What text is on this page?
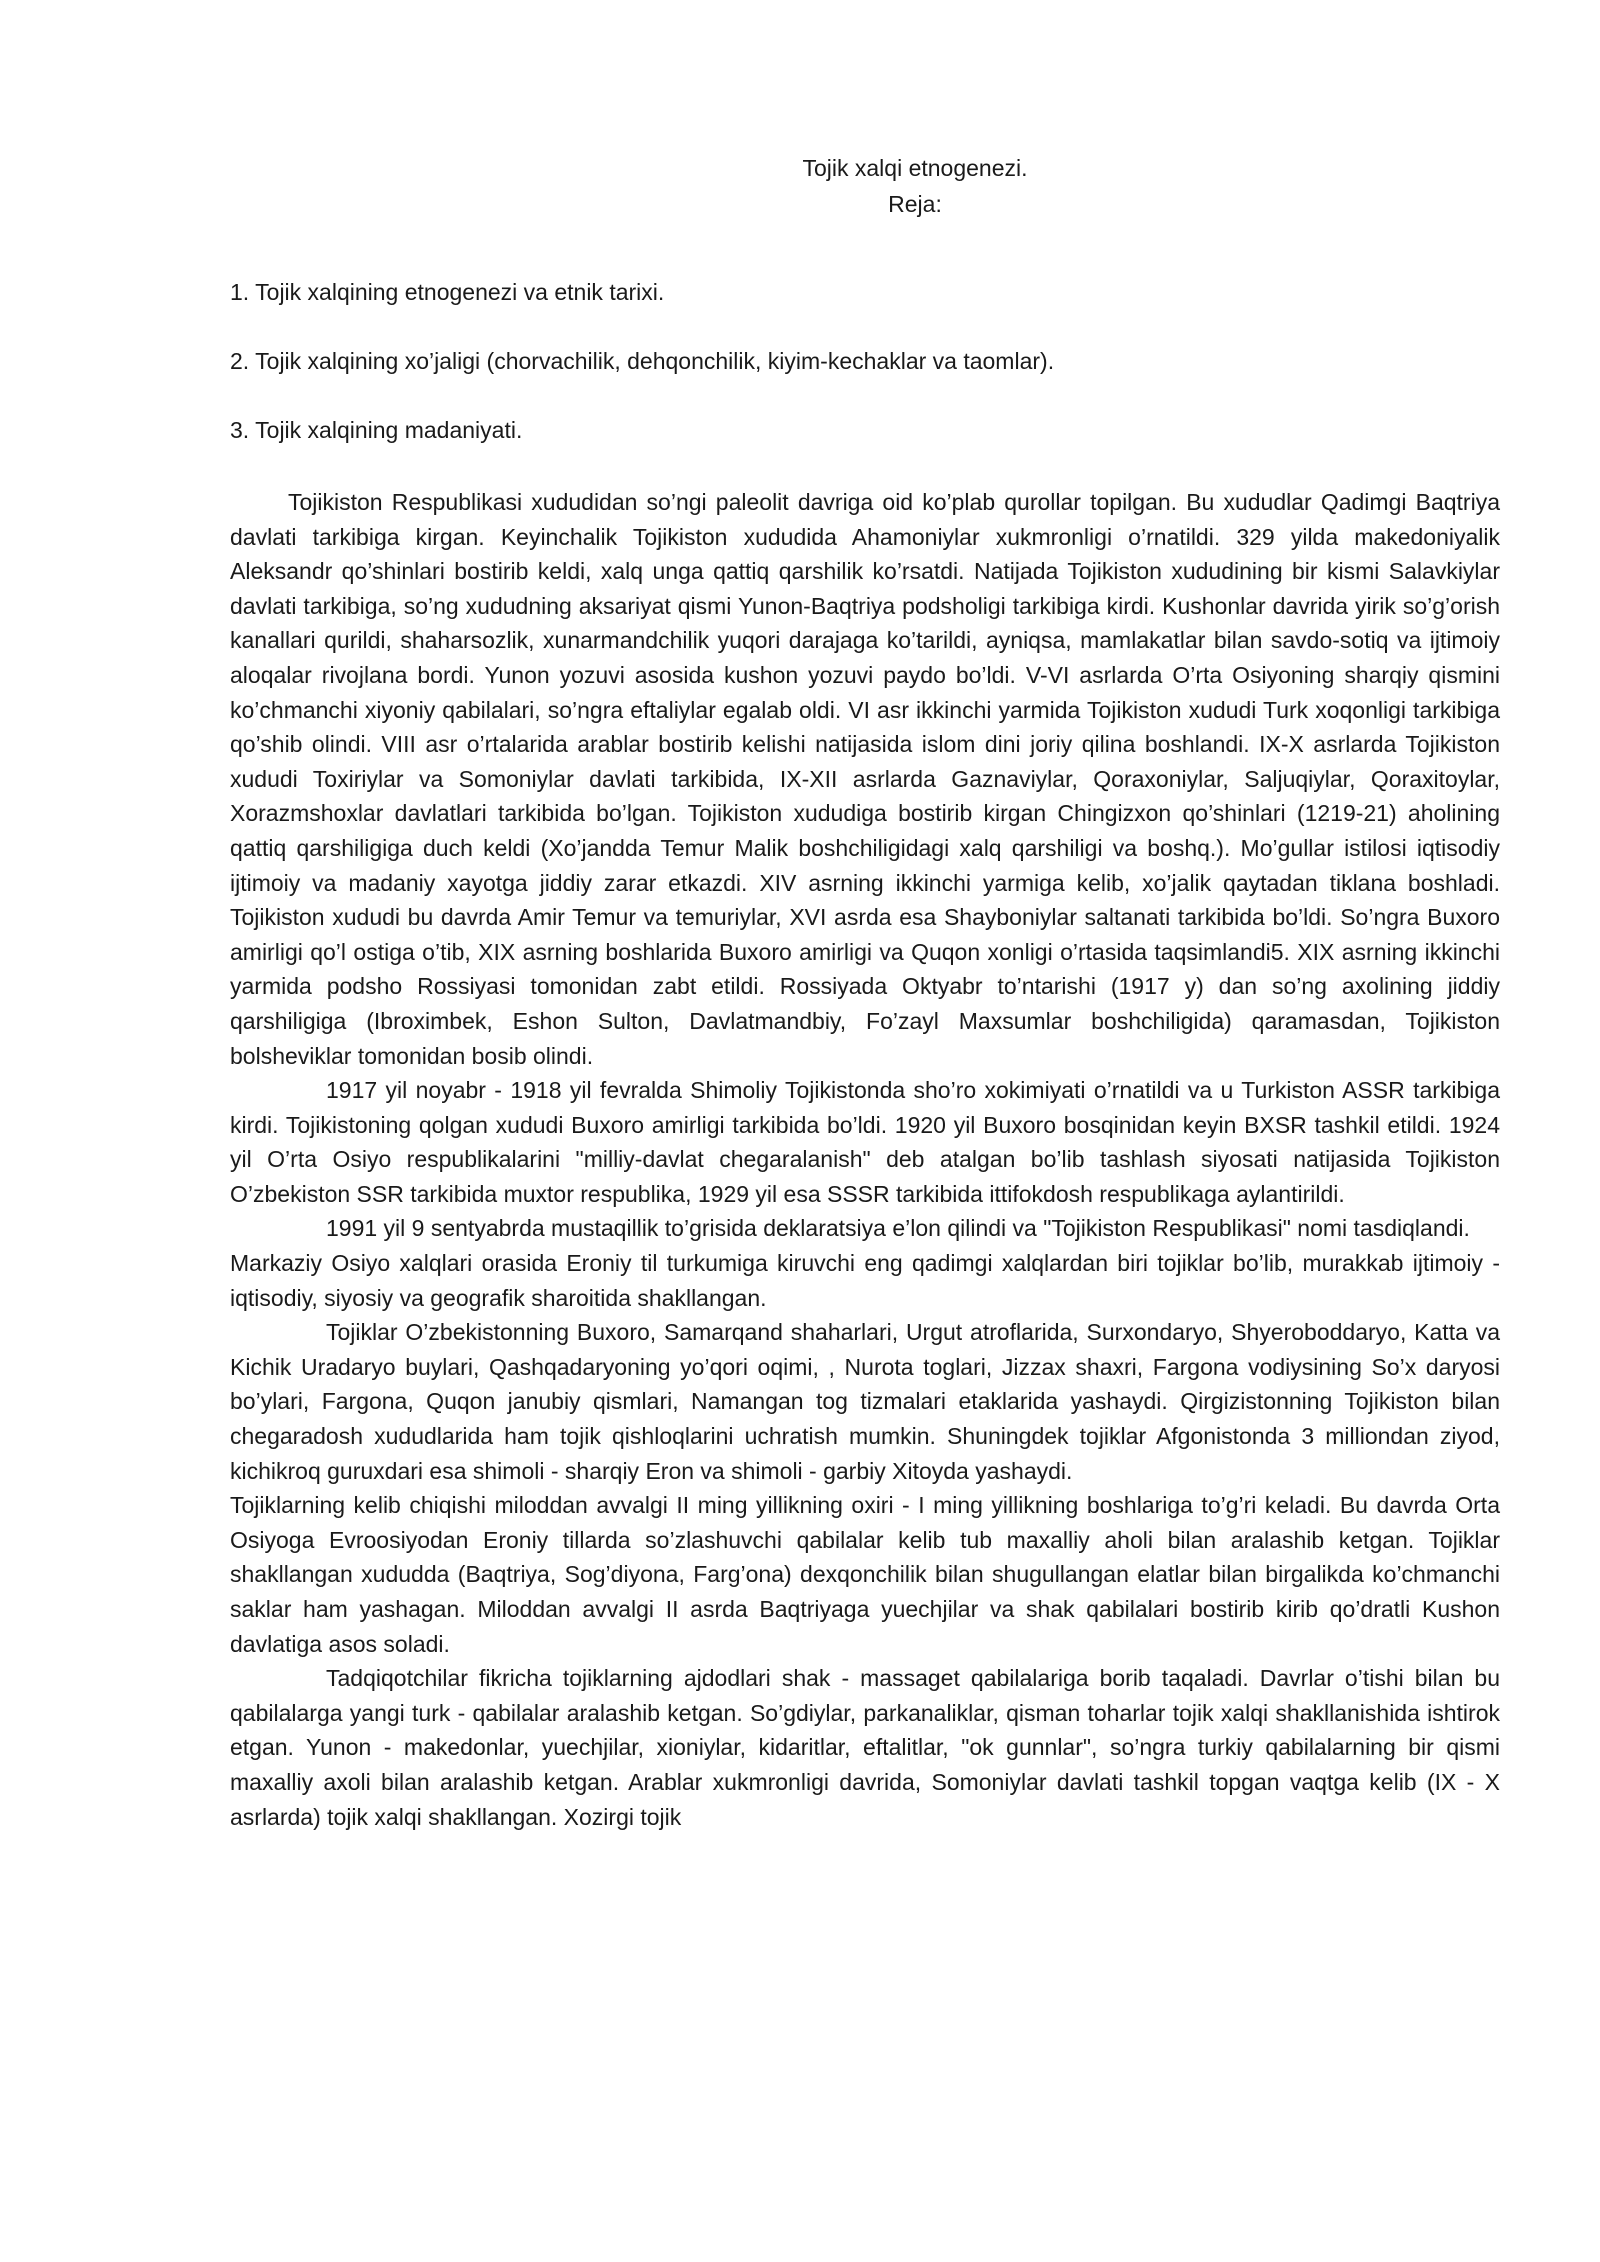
Tojik xalqi etnogenezi.
Reja:
1. Tojik xalqining etnogenezi va etnik tarixi.
2. Tojik xalqining xo’jaligi (chorvachilik, dehqonchilik, kiyim-kechaklar va taomlar).
3. Tojik xalqining madaniyati.

Tojikiston Respublikasi xududidan so’ngi paleolit davriga oid ko’plab qurollar topilgan. Bu xududlar Qadimgi Baqtriya davlati tarkibiga kirgan. Keyinchalik Tojikiston xududida Ahamoniylar xukmronligi o’rnatildi. 329 yilda makedoniyalik Aleksandr qo’shinlari bostirib keldi, xalq unga qattiq qarshilik ko’rsatdi. Natijada Tojikiston xududining bir kismi Salavkiylar davlati tarkibiga, so’ng xududning aksariyat qismi Yunon-Baqtriya podsholigi tarkibiga kirdi. Kushonlar davrida yirik so’g’orish kanallari qurildi, shaharsozlik, xunarmandchilik yuqori darajaga ko’tarildi, ayniqsa, mamlakatlar bilan savdo-sotiq va ijtimoiy aloqalar rivojlana bordi. Yunon yozuvi asosida kushon yozuvi paydo bo’ldi. V-VI asrlarda O’rta Osiyoning sharqiy qismini ko’chmanchi xiyoniy qabilalari, so’ngra eftaliylar egalab oldi. VI asr ikkinchi yarmida Tojikiston xududi Turk xoqonligi tarkibiga qo’shib olindi. VIII asr o’rtalarida arablar bostirib kelishi natijasida islom dini joriy qilina boshlandi. IX-X asrlarda Tojikiston xududi Toxiriylar va Somoniylar davlati tarkibida, IX-XII asrlarda Gaznaviylar, Qoraxoniylar, Saljuqiylar, Qoraxitoylar, Xorazmshoxlar davlatlari tarkibida bo’lgan. Tojikiston xududiga bostirib kirgan Chingizxon qo’shinlari (1219-21) aholining qattiq qarshiligiga duch keldi (Xo’jandda Temur Malik boshchiligidagi xalq qarshiligi va boshq.). Mo’gullar istilosi iqtisodiy ijtimoiy va madaniy xayotga jiddiy zarar etkazdi. XIV asrning ikkinchi yarmiga kelib, xo’jalik qaytadan tiklana boshladi. Tojikiston xududi bu davrda Amir Temur va temuriylar, XVI asrda esa Shayboniylar saltanati tarkibida bo’ldi. So’ngra Buxoro amirligi qo’l ostiga o’tib, XIX asrning boshlarida Buxoro amirligi va Quqon xonligi o’rtasida taqsimlandi5. XIX asrning ikkinchi yarmida podsho Rossiyasi tomonidan zabt etildi. Rossiyada Oktyabr to’ntarishi (1917 y) dan so’ng axolining jiddiy qarshiligiga (Ibroximbek, Eshon Sulton, Davlatmandbiy, Fo’zayl Maxsumlar boshchiligida) qaramasdan, Tojikiston bolsheviklar tomonidan bosib olindi.

1917 yil noyabr - 1918 yil fevralda Shimoliy Tojikistonda sho’ro xokimiyati o’rnatildi va u Turkiston ASSR tarkibiga kirdi. Tojikistoning qolgan xududi Buxoro amirligi tarkibida bo’ldi. 1920 yil Buxoro bosqinidan keyin BXSR tashkil etildi. 1924 yil O’rta Osiyo respublikalarini "milliy-davlat chegaralanish" deb atalgan bo’lib tashlash siyosati natijasida Tojikiston O’zbekiston SSR tarkibida muxtor respublika, 1929 yil esa SSSR tarkibida ittifokdosh respublikaga aylantirildi.

1991 yil 9 sentyabrda mustaqillik to’grisida deklaratsiya e’lon qilindi va "Tojikiston Respublikasi" nomi tasdiqlandi.

Markaziy Osiyo xalqlari orasida Eroniy til turkumiga kiruvchi eng qadimgi xalqlardan biri tojiklar bo’lib, murakkab ijtimoiy - iqtisodiy, siyosiy va geografik sharoitida shakllangan.

Tojiklar O’zbekistonning Buxoro, Samarqand shaharlari, Urgut atroflarida, Surxondaryo, Shyeroboddaryo, Katta va Kichik Uradaryo buylari, Qashqadaryoning yo’qori oqimi, , Nurota toglari, Jizzax shaxri, Fargona vodiysining So’x daryosi bo’ylari, Fargona, Quqon janubiy qismlari, Namangan tog tizmalari etaklarida yashaydi. Qirgizistonning Tojikiston bilan chegaradosh xududlarida ham tojik qishloqlarini uchratish mumkin. Shuningdek tojiklar Afgonistonda 3 milliondan ziyod, kichikroq guruxdari esa shimoli - sharqiy Eron va shimoli - garbiy Xitoyda yashaydi.

Tojiklarning kelib chiqishi miloddan avvalgi II ming yillikning oxiri - I ming yillikning boshlariga to’g’ri keladi. Bu davrda Orta Osiyoga Evroosiyodan Eroniy tillarda so’zlashuvchi qabilalar kelib tub maxalliy aholi bilan aralashib ketgan. Tojiklar shakllangan xududda (Baqtriya, Sog’diyona, Farg’ona) dexqonchilik bilan shugullangan elatlar bilan birgalikda ko’chmanchi saklar ham yashagan. Miloddan avvalgi II asrda Baqtriyaga yuechjilar va shak qabilalari bostirib kirib qo’dratli Kushon davlatiga asos soladi.

Tadqiqotchilar fikricha tojiklarning ajdodlari shak - massaget qabilalariga borib taqaladi. Davrlar o’tishi bilan bu qabilalarga yangi turk - qabilalar aralashib ketgan. So’gdiylar, parkanaliklar, qisman toharlar tojik xalqi shakllanishida ishtirok etgan. Yunon - makedonlar, yuechjilar, xioniylar, kidaritlar, eftalitlar, "ok gunnlar", so’ngra turkiy qabilalarning bir qismi maxalliy axoli bilan aralashib ketgan. Arablar xukmronligi davrida, Somoniylar davlati tashkil topgan vaqtga kelib (IX - X asrlarda) tojik xalqi shakllangan. Xozirgi tojik
